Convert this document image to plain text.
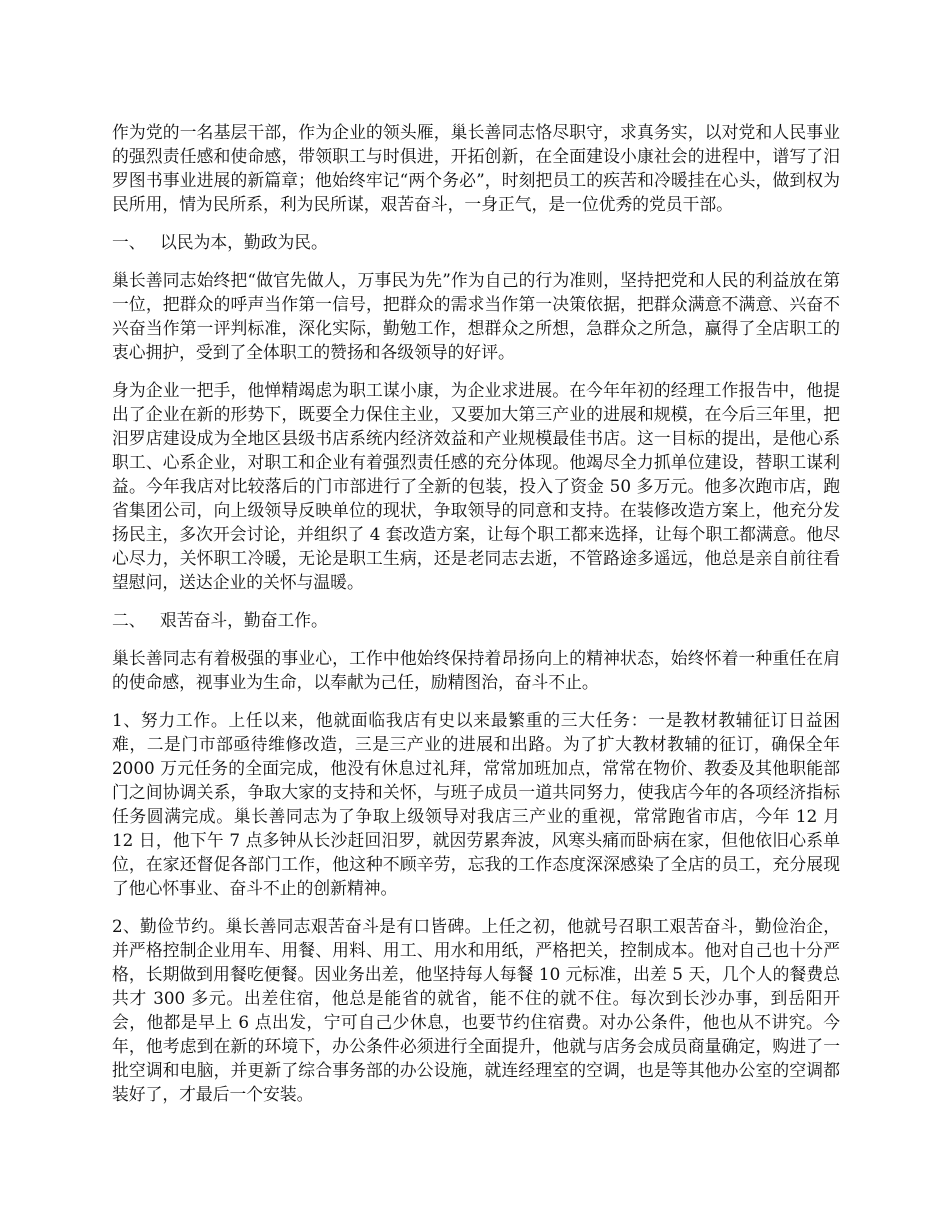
作为党的一名基层干部，作为企业的领头雁，巢长善同志恪尽职守，求真务实，以对党和人民事业的强烈责任感和使命感，带领职工与时俱进，开拓创新，在全面建设小康社会的进程中，谱写了汨罗图书事业进展的新篇章；他始终牢记“两个务必”，时刻把员工的疾苦和冷暖挂在心头，做到权为民所用，情为民所系，利为民所谋，艰苦奋斗，一身正气，是一位优秀的党员干部。

一、 以民为本，勤政为民。

巢长善同志始终把“做官先做人，万事民为先”作为自己的行为准则，坚持把党和人民的利益放在第一位，把群众的呼声当作第一信号，把群众的需求当作第一决策依据，把群众满意不满意、兴奋不兴奋当作第一评判标准，深化实际，勤勉工作，想群众之所想，急群众之所急，赢得了全店职工的衷心拥护，受到了全体职工的赞扬和各级领导的好评。

身为企业一把手，他惮精竭虑为职工谋小康，为企业求进展。在今年年初的经理工作报告中，他提出了企业在新的形势下，既要全力保住主业，又要加大第三产业的进展和规模，在今后三年里，把汨罗店建设成为全地区县级书店系统内经济效益和产业规模最佳书店。这一目标的提出，是他心系职工、心系企业，对职工和企业有着强烈责任感的充分体现。他竭尽全力抓单位建设，替职工谋利益。今年我店对比较落后的门市部进行了全新的包装，投入了资金 50 多万元。他多次跑市店，跑省集团公司，向上级领导反映单位的现状，争取领导的同意和支持。在装修改造方案上，他充分发扬民主，多次开会讨论，并组织了 4 套改造方案，让每个职工都来选择，让每个职工都满意。他尽心尽力，关怀职工冷暖，无论是职工生病，还是老同志去逝，不管路途多遥远，他总是亲自前往看望慰问，送达企业的关怀与温暖。

二、 艰苦奋斗，勤奋工作。

巢长善同志有着极强的事业心，工作中他始终保持着昂扬向上的精神状态，始终怀着一种重任在肩的使命感，视事业为生命，以奉献为己任，励精图治，奋斗不止。

1、努力工作。上任以来，他就面临我店有史以来最繁重的三大任务：一是教材教辅征订日益困难，二是门市部亟待维修改造，三是三产业的进展和出路。为了扩大教材教辅的征订，确保全年 2000 万元任务的全面完成，他没有休息过礼拜，常常加班加点，常常在物价、教委及其他职能部门之间协调关系，争取大家的支持和关怀，与班子成员一道共同努力，使我店今年的各项经济指标任务圆满完成。巢长善同志为了争取上级领导对我店三产业的重视，常常跑省市店，今年 12 月 12 日，他下午 7 点多钟从长沙赶回汨罗，就因劳累奔波，风寒头痛而卧病在家，但他依旧心系单位，在家还督促各部门工作，他这种不顾辛劳，忘我的工作态度深深感染了全店的员工，充分展现了他心怀事业、奋斗不止的创新精神。

2、勤俭节约。巢长善同志艰苦奋斗是有口皆碑。上任之初，他就号召职工艰苦奋斗，勤俭治企，并严格控制企业用车、用餐、用料、用工、用水和用纸，严格把关，控制成本。他对自己也十分严格，长期做到用餐吃便餐。因业务出差，他坚持每人每餐 10 元标准，出差 5 天，几个人的餐费总共才 300 多元。出差住宿，他总是能省的就省，能不住的就不住。每次到长沙办事，到岳阳开会，他都是早上 6 点出发，宁可自己少休息，也要节约住宿费。对办公条件，他也从不讲究。今年，他考虑到在新的环境下，办公条件必须进行全面提升，他就与店务会成员商量确定，购进了一批空调和电脑，并更新了综合事务部的办公设施，就连经理室的空调，也是等其他办公室的空调都装好了，才最后一个安装。
